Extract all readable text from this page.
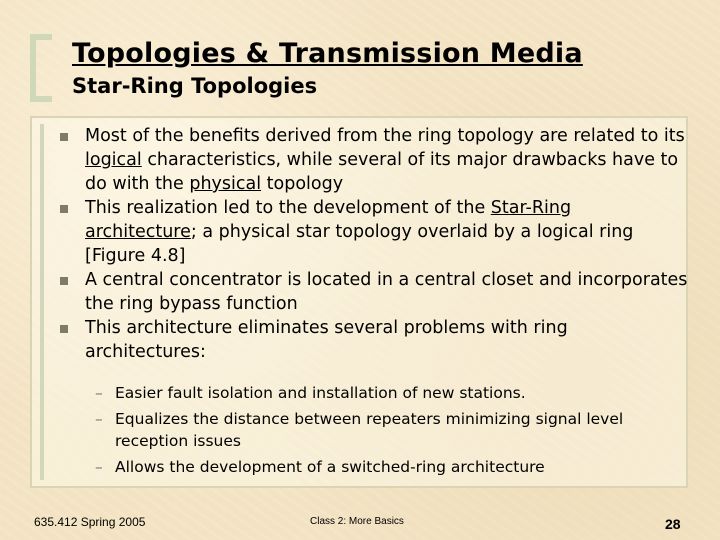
Topologies & Transmission Media
Star-Ring Topologies
Most of the benefits derived from the ring topology are related to its logical characteristics, while several of its major drawbacks have to do with the physical topology
This realization led to the development of the Star-Ring architecture; a physical star topology overlaid by a logical ring [Figure 4.8]
A central concentrator is located in a central closet and incorporates the ring bypass function
This architecture eliminates several problems with ring architectures:
– Easier fault isolation and installation of new stations.
– Equalizes the distance between repeaters minimizing signal level reception issues
– Allows the development of a switched-ring architecture
635.412 Spring 2005	Class 2: More Basics	28
